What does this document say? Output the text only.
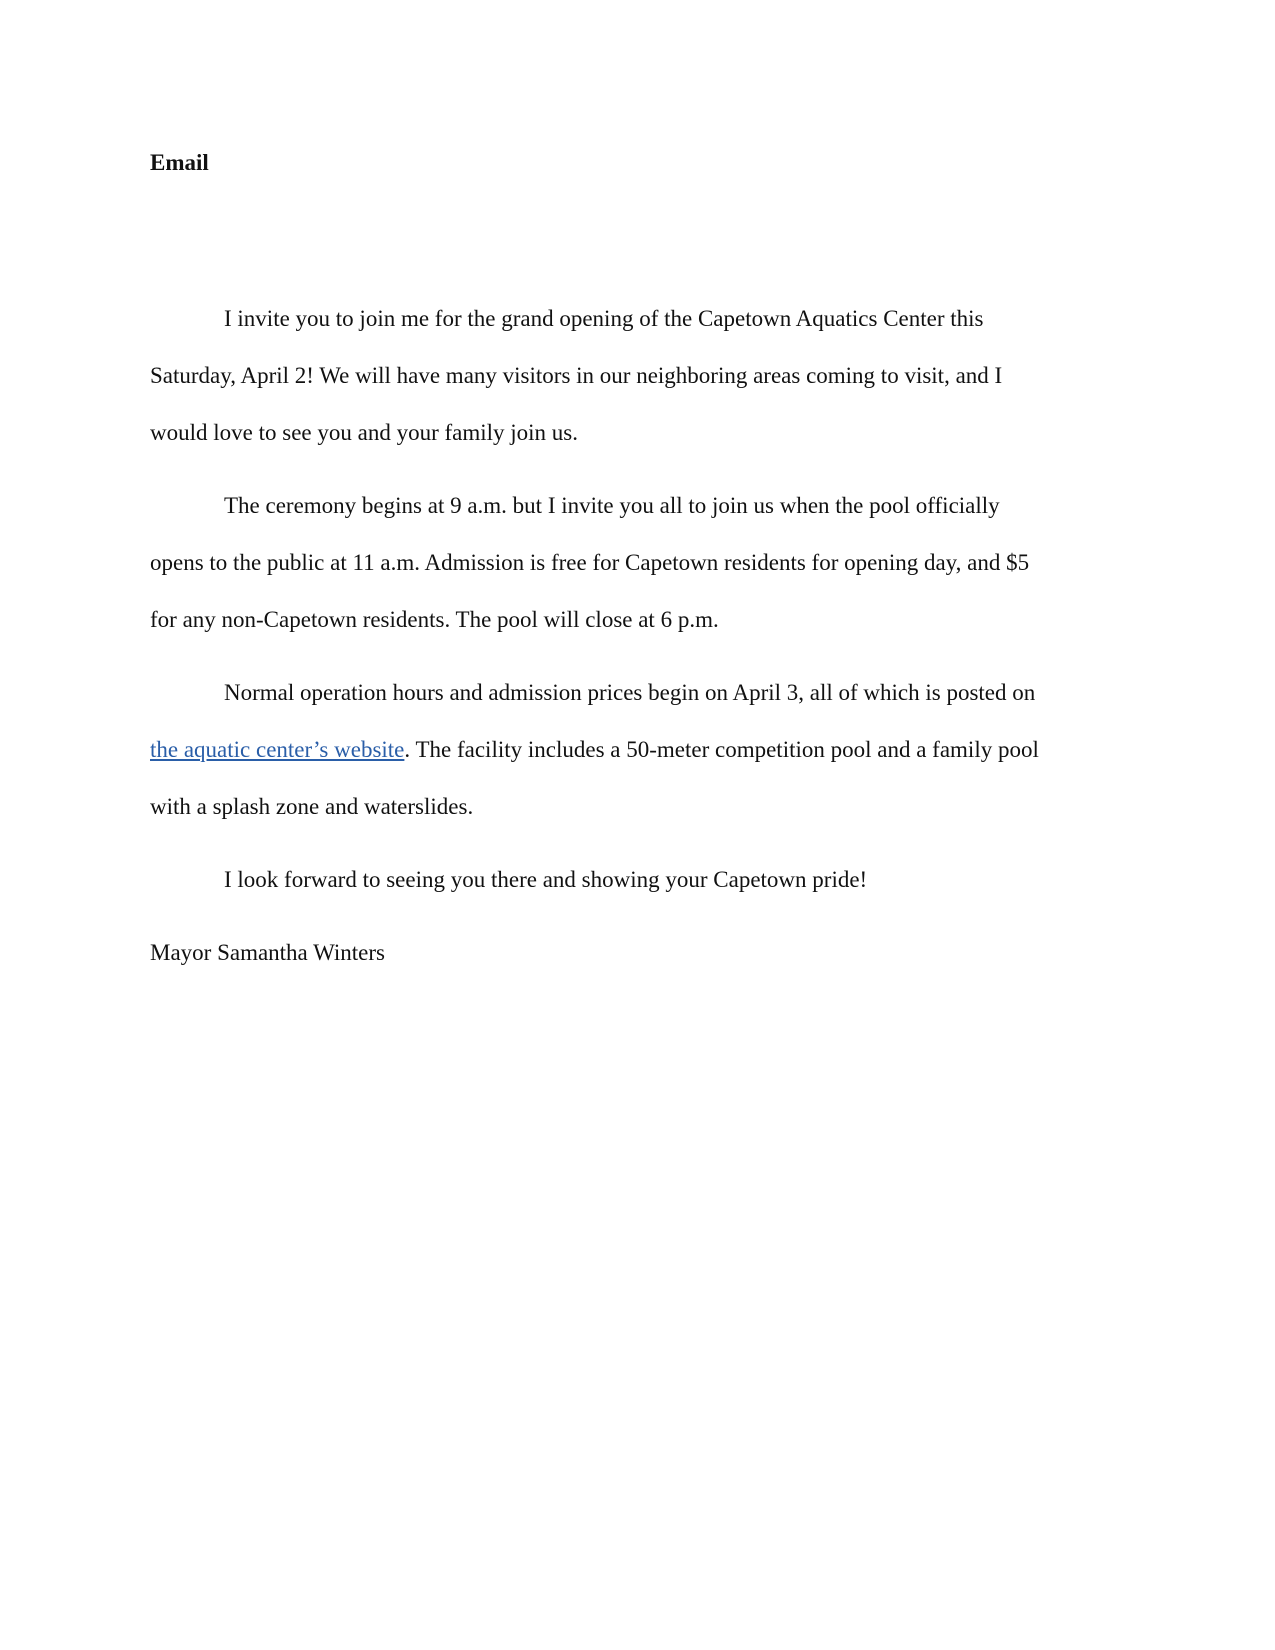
Email
I invite you to join me for the grand opening of the Capetown Aquatics Center this
Saturday, April 2! We will have many visitors in our neighboring areas coming to visit, and I
would love to see you and your family join us.
The ceremony begins at 9 a.m. but I invite you all to join us when the pool officially
opens to the public at 11 a.m. Admission is free for Capetown residents for opening day, and $5
for any non-Capetown residents. The pool will close at 6 p.m.
Normal operation hours and admission prices begin on April 3, all of which is posted on
the aquatic center’s website. The facility includes a 50-meter competition pool and a family pool
with a splash zone and waterslides.
I look forward to seeing you there and showing your Capetown pride!

Mayor Samantha Winters
